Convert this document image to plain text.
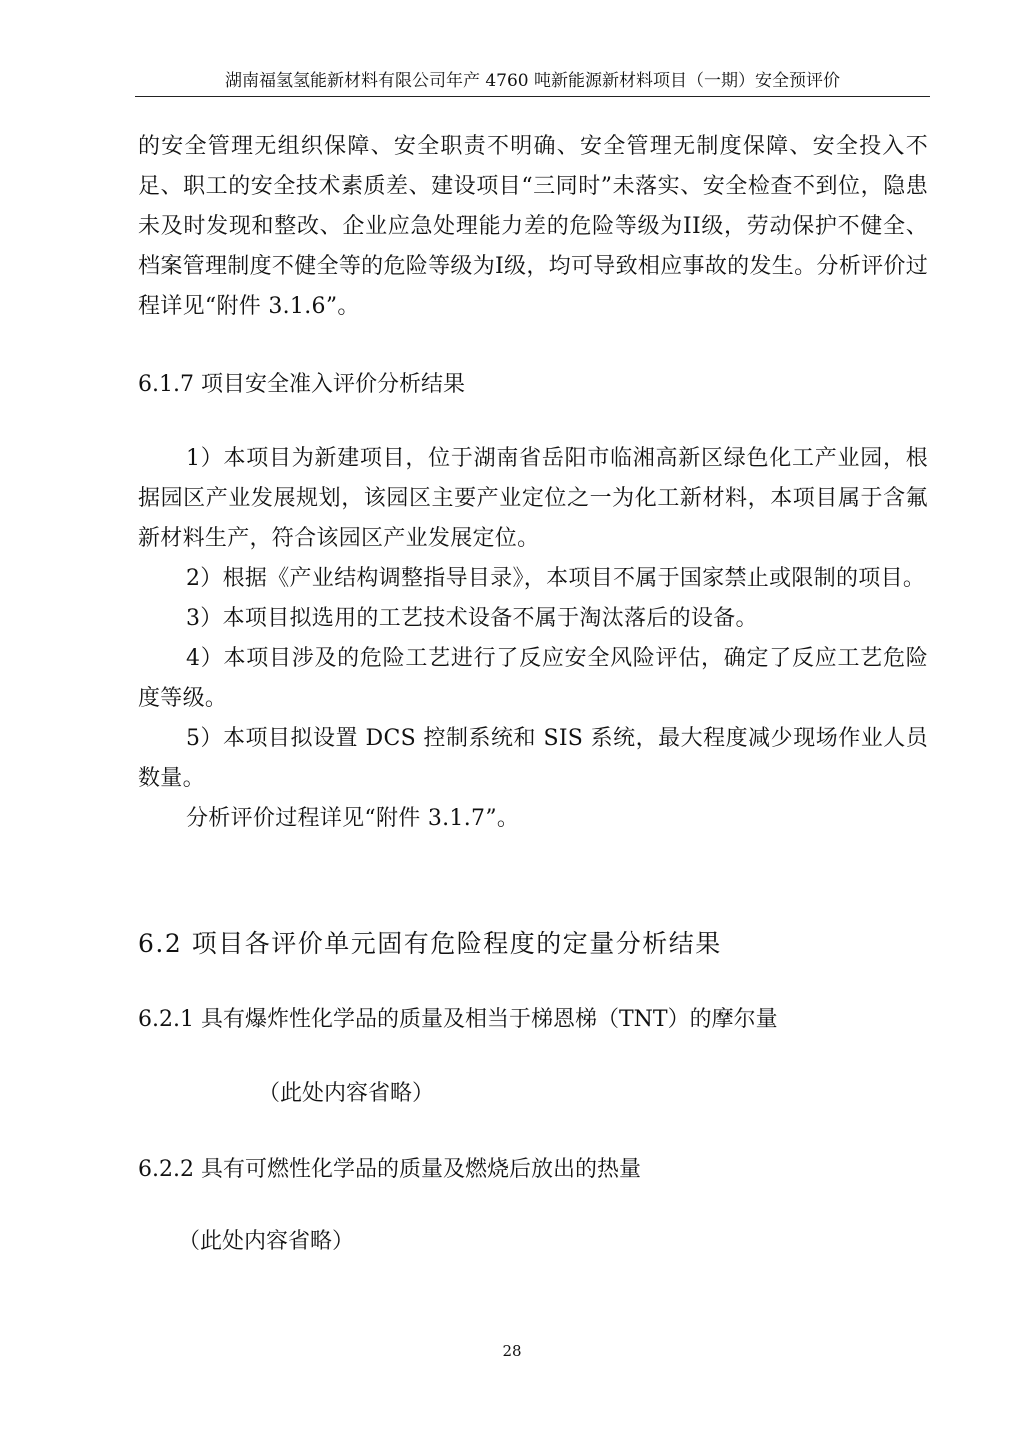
湖南福氢氢能新材料有限公司年产 4760 吨新能源新材料项目（一期）安全预评价

的安全管理无组织保障、安全职责不明确、安全管理无制度保障、安全投入不足、职工的安全技术素质差、建设项目“三同时”未落实、安全检查不到位，隐患未及时发现和整改、企业应急处理能力差的危险等级为II级，劳动保护不健全、档案管理制度不健全等的危险等级为I级，均可导致相应事故的发生。分析评价过程详见“附件 3.1.6”。

6.1.7 项目安全准入评价分析结果

1）本项目为新建项目，位于湖南省岳阳市临湘高新区绿色化工产业园，根据园区产业发展规划，该园区主要产业定位之一为化工新材料，本项目属于含氟新材料生产，符合该园区产业发展定位。

2）根据《产业结构调整指导目录》，本项目不属于国家禁止或限制的项目。

3）本项目拟选用的工艺技术设备不属于淘汰落后的设备。

4）本项目涉及的危险工艺进行了反应安全风险评估，确定了反应工艺危险度等级。

5）本项目拟设置 DCS 控制系统和 SIS 系统，最大程度减少现场作业人员数量。

分析评价过程详见“附件 3.1.7”。

6.2 项目各评价单元固有危险程度的定量分析结果
6.2.1 具有爆炸性化学品的质量及相当于梯恩梯（TNT）的摩尔量

（此处内容省略）

6.2.2 具有可燃性化学品的质量及燃烧后放出的热量

（此处内容省略）

28
